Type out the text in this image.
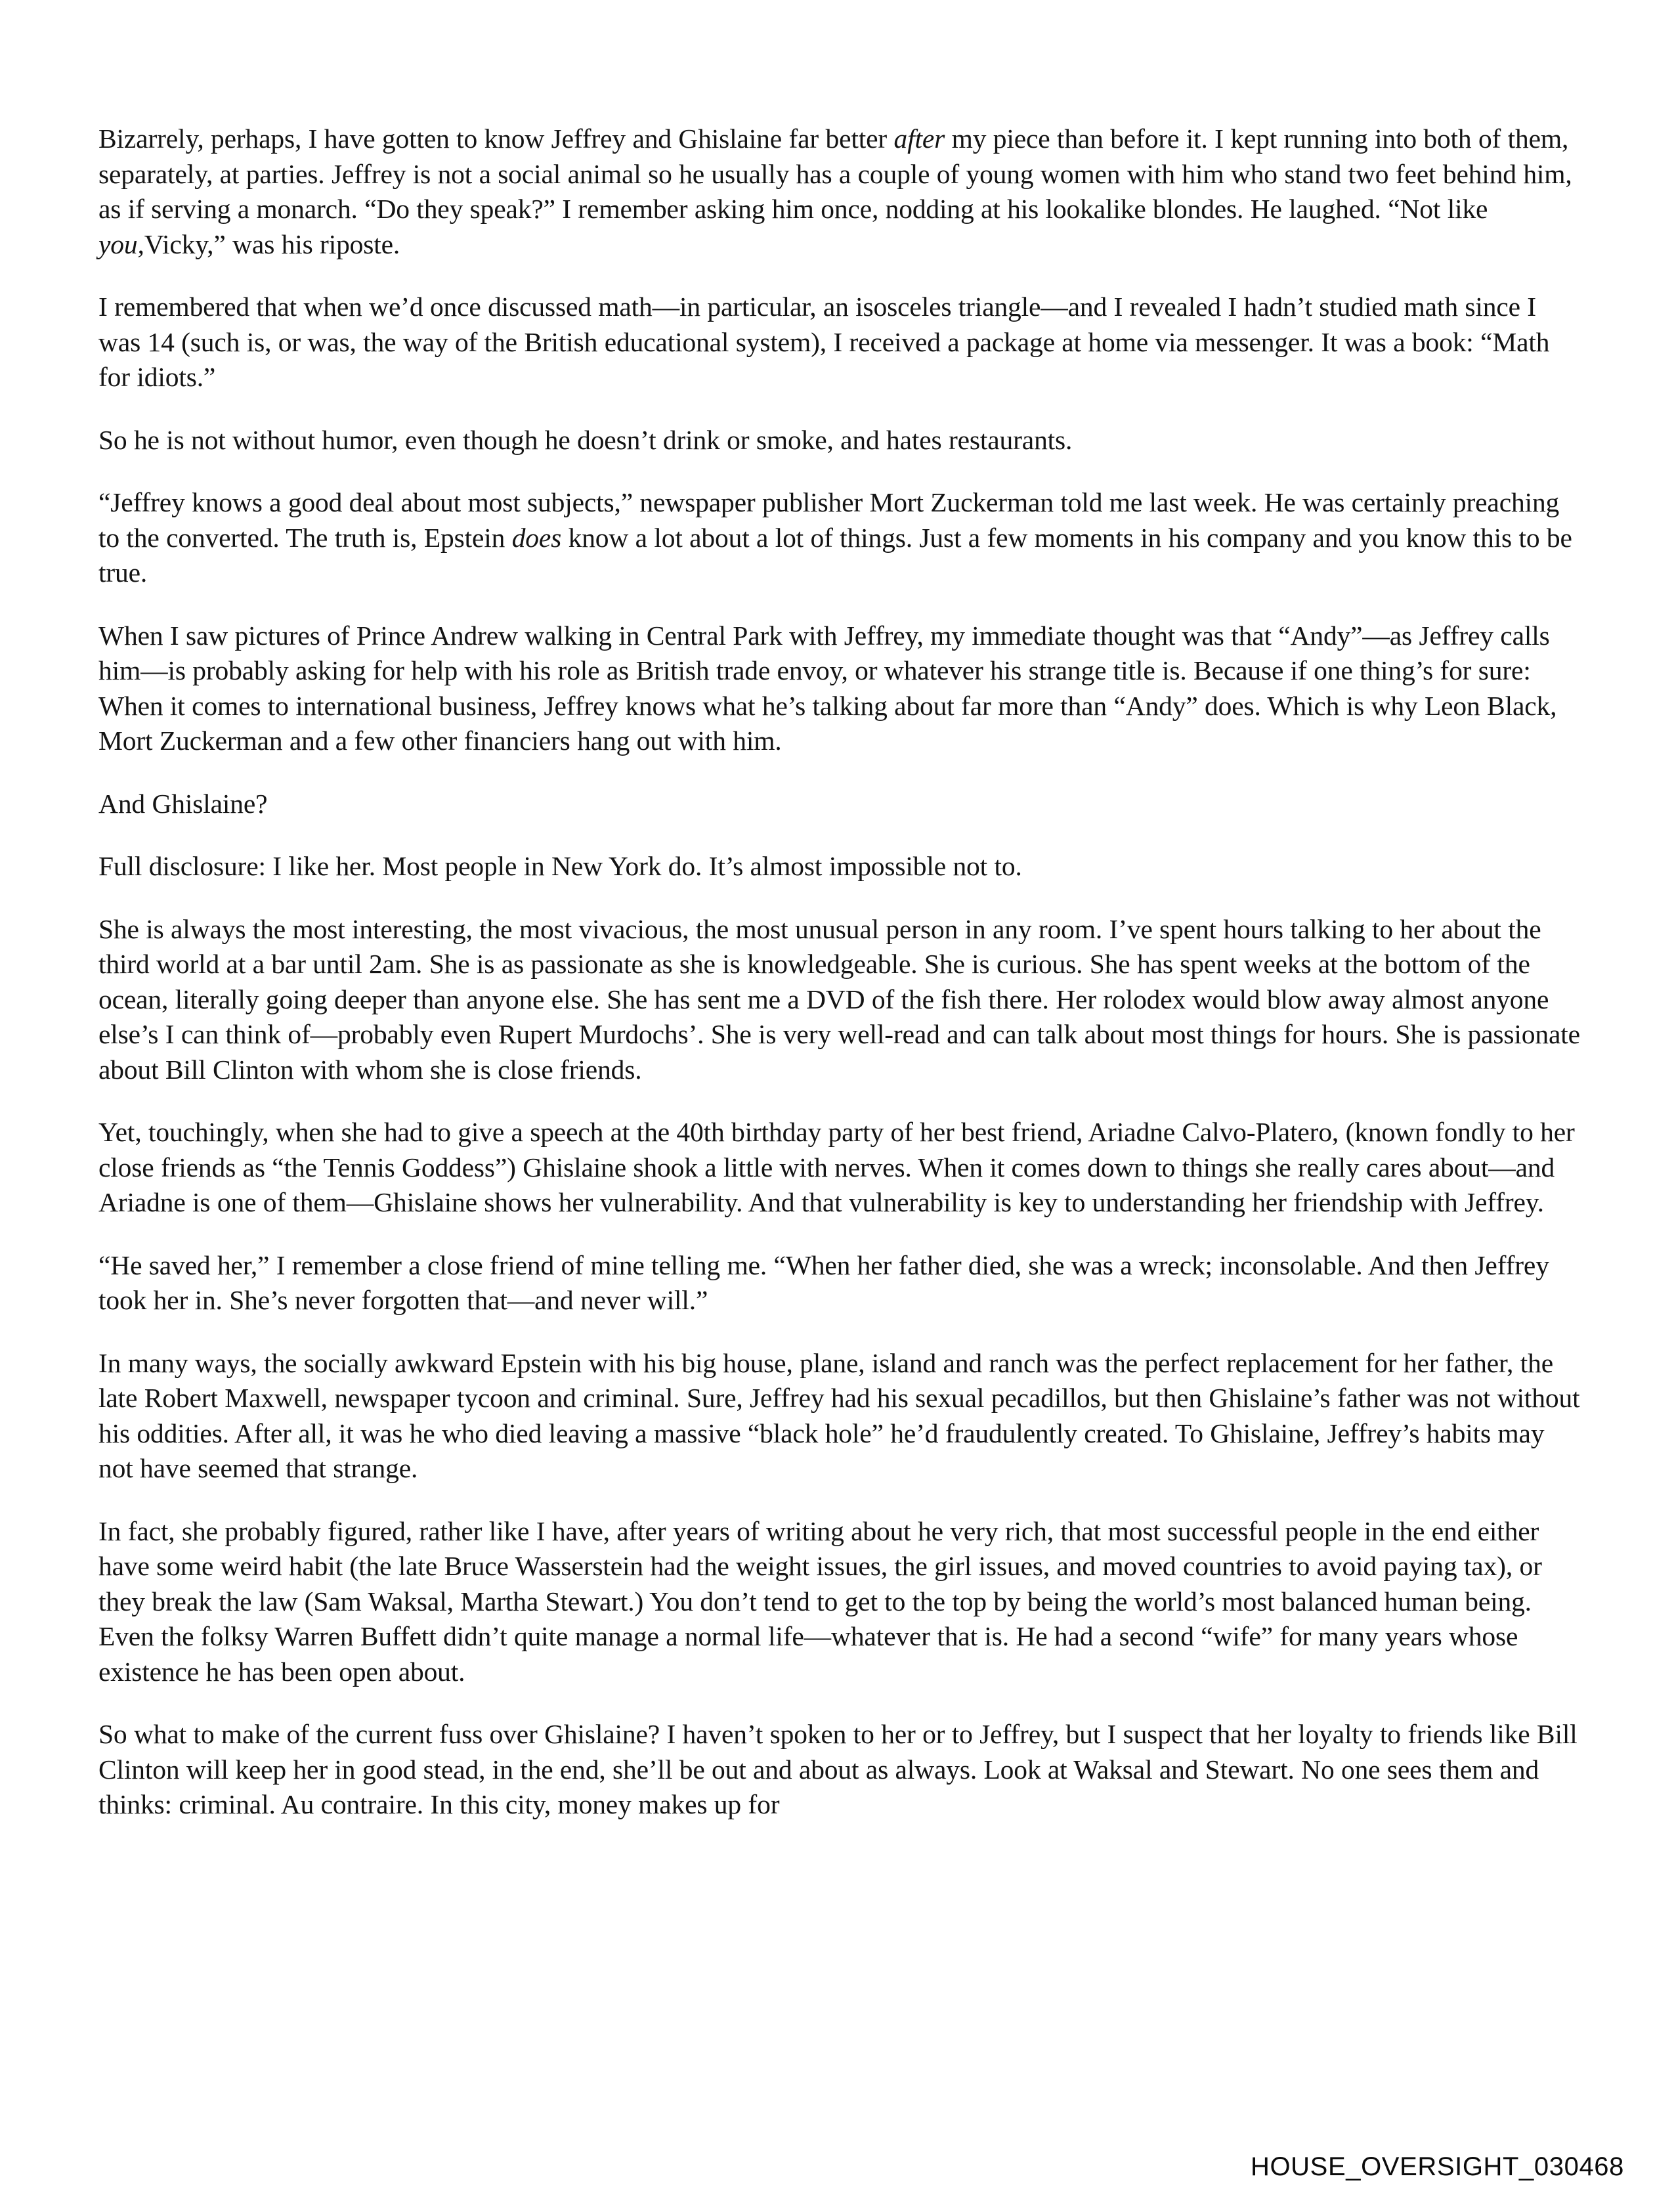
Bizarrely, perhaps, I have gotten to know Jeffrey and Ghislaine far better after my piece than before it. I kept running into both of them, separately, at parties. Jeffrey is not a social animal so he usually has a couple of young women with him who stand two feet behind him, as if serving a monarch. “Do they speak?” I remember asking him once, nodding at his lookalike blondes. He laughed. “Not like you,Vicky,” was his riposte.

I remembered that when we’d once discussed math—in particular, an isosceles triangle—and I revealed I hadn’t studied math since I was 14 (such is, or was, the way of the British educational system), I received a package at home via messenger. It was a book: “Math for idiots.”

So he is not without humor, even though he doesn’t drink or smoke, and hates restaurants.

“Jeffrey knows a good deal about most subjects,” newspaper publisher Mort Zuckerman told me last week. He was certainly preaching to the converted. The truth is, Epstein does know a lot about a lot of things. Just a few moments in his company and you know this to be true.

When I saw pictures of Prince Andrew walking in Central Park with Jeffrey, my immediate thought was that “Andy”—as Jeffrey calls him—is probably asking for help with his role as British trade envoy, or whatever his strange title is. Because if one thing’s for sure: When it comes to international business, Jeffrey knows what he’s talking about far more than “Andy” does. Which is why Leon Black, Mort Zuckerman and a few other financiers hang out with him.

And Ghislaine?

Full disclosure: I like her. Most people in New York do. It’s almost impossible not to.

She is always the most interesting, the most vivacious, the most unusual person in any room. I’ve spent hours talking to her about the third world at a bar until 2am. She is as passionate as she is knowledgeable. She is curious. She has spent weeks at the bottom of the ocean, literally going deeper than anyone else. She has sent me a DVD of the fish there. Her rolodex would blow away almost anyone else’s I can think of—probably even Rupert Murdochs’. She is very well-read and can talk about most things for hours. She is passionate about Bill Clinton with whom she is close friends.

Yet, touchingly, when she had to give a speech at the 40th birthday party of her best friend, Ariadne Calvo-Platero, (known fondly to her close friends as “the Tennis Goddess”) Ghislaine shook a little with nerves. When it comes down to things she really cares about—and Ariadne is one of them—Ghislaine shows her vulnerability. And that vulnerability is key to understanding her friendship with Jeffrey.

“He saved her,” I remember a close friend of mine telling me. “When her father died, she was a wreck; inconsolable. And then Jeffrey took her in. She’s never forgotten that—and never will.”

In many ways, the socially awkward Epstein with his big house, plane, island and ranch was the perfect replacement for her father, the late Robert Maxwell, newspaper tycoon and criminal. Sure, Jeffrey had his sexual pecadillos, but then Ghislaine’s father was not without his oddities. After all, it was he who died leaving a massive “black hole” he’d fraudulently created. To Ghislaine, Jeffrey’s habits may not have seemed that strange.

In fact, she probably figured, rather like I have, after years of writing about he very rich, that most successful people in the end either have some weird habit (the late Bruce Wasserstein had the weight issues, the girl issues, and moved countries to avoid paying tax), or they break the law (Sam Waksal, Martha Stewart.) You don’t tend to get to the top by being the world’s most balanced human being. Even the folksy Warren Buffett didn’t quite manage a normal life—whatever that is. He had a second “wife” for many years whose existence he has been open about.

So what to make of the current fuss over Ghislaine? I haven’t spoken to her or to Jeffrey, but I suspect that her loyalty to friends like Bill Clinton will keep her in good stead, in the end, she’ll be out and about as always. Look at Waksal and Stewart. No one sees them and thinks: criminal. Au contraire. In this city, money makes up for

HOUSE_OVERSIGHT_030468
